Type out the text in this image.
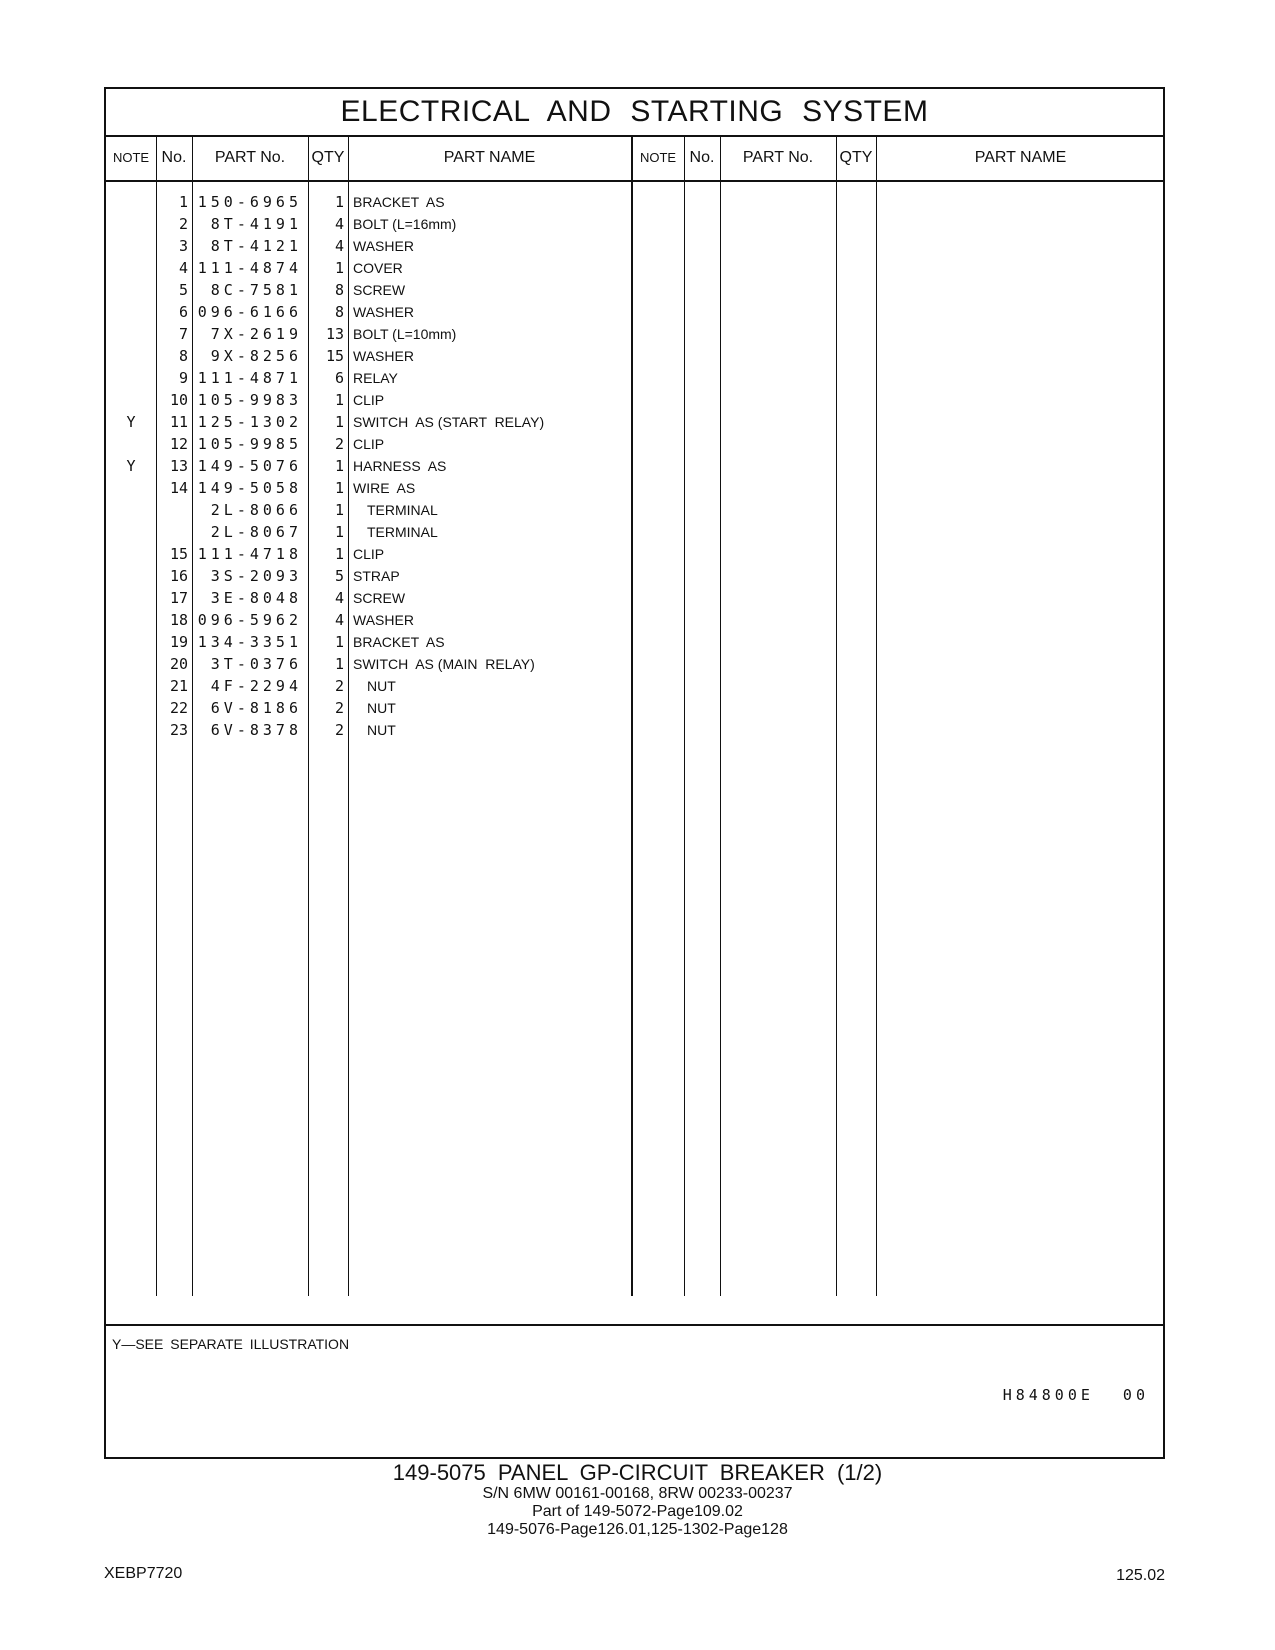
ELECTRICAL AND STARTING SYSTEM
NOTE No.	PART No.	QTY	PART NAME	NOTE No.	PART No.	QTY	PART NAME
1 150-6965	1 BRACKET  AS
2	8T-4191	4 BOLT (L=16mm)
3	8T-4121	4 WASHER
4 111-4874	1 COVER
5	8C-7581	8 SCREW
6 096-6166	8 WASHER
7	7X-2619	13 BOLT (L=10mm)
8	9X-8256	15 WASHER
9 111-4871	6 RELAY
10 105-9983	1 CLIP
Y	11 125-1302	1 SWITCH  AS (START  RELAY)
12 105-9985	2 CLIP
Y	13 149-5076	1 HARNESS  AS
14 149-5058	1 WIRE  AS
2L-8066	1 TERMINAL
2L-8067	1 TERMINAL
15 111-4718	1 CLIP
16	3S-2093	5 STRAP
17	3E-8048	4 SCREW
18 096-5962	4 WASHER
19 134-3351	1 BRACKET  AS
20	3T-0376	1 SWITCH  AS (MAIN  RELAY)
21	4F-2294	2 NUT
22	6V-8186	2 NUT
23	6V-8378	2 NUT
Y—SEE SEPARATE ILLUSTRATION
H84800E 00
149-5075 PANEL GP-CIRCUIT BREAKER (1/2)
S/N 6MW 00161-00168, 8RW 00233-00237
Part of 149-5072-Page109.02
149-5076-Page126.01,125-1302-Page128
XEBP7720	125.02
